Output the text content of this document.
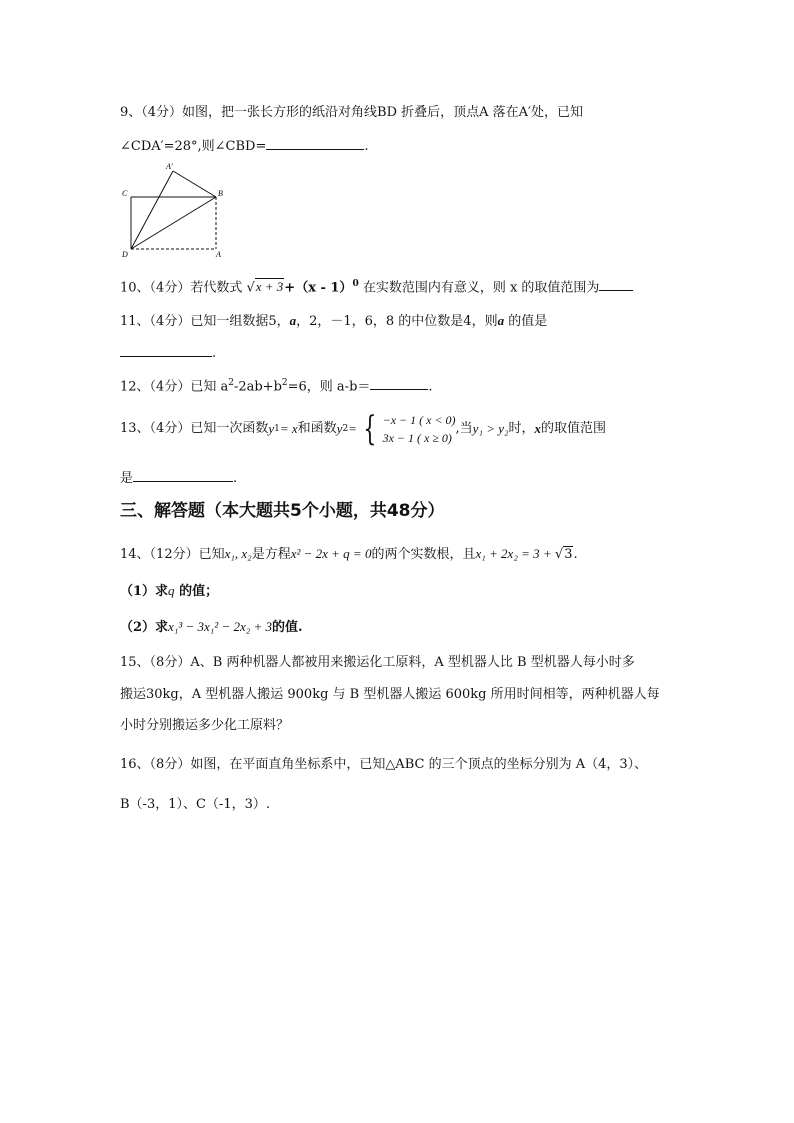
9、（4分）如图，把一张长方形的纸沿对角线BD 折叠后，顶点A 落在A′处，已知
∠CDA′=28°,则∠CBD=	.
A′
C	B
D	A
10、（4分）若代数式 √x + 3+（x - 1）$^0$ 在实数范围内有意义，则 x 的取值范围为
11、（4分）已知一组数据5，a，2，－1，6，8 的中位数是4，则a 的值是
.
12、（4分）已知 $a^2-2ab+b^2=6$，则 a-b＝	.
13、（4分）已知一次函数 y 1 = x 和函数 y 2 = { −x − 1 ( x < 0)
3x − 1 ( x ≥ 0)
,当 y₁ > y₂ 时， x 的取值范围
是	.
三、解答题（本大题共5个小题，共48分）
14、（12分）已知x₁, x₂是方程x² − 2x + q = 0的两个实数根，且x₁ + 2x₂ = 3 + √3.
（1）求q 的值；
（2）求x₁³ − 3x₁² − 2x₂ + 3的值.
15、（8分）A、B 两种机器人都被用来搬运化工原料，A 型机器人比 B 型机器人每小时多
搬运30kg，A 型机器人搬运 900kg 与 B 型机器人搬运 600kg 所用时间相等，两种机器人每
小时分别搬运多少化工原料？
16、（8分）如图，在平面直角坐标系中，已知△ABC 的三个顶点的坐标分别为 A（4，3）、
B（-3，1）、C（-1，3）.
